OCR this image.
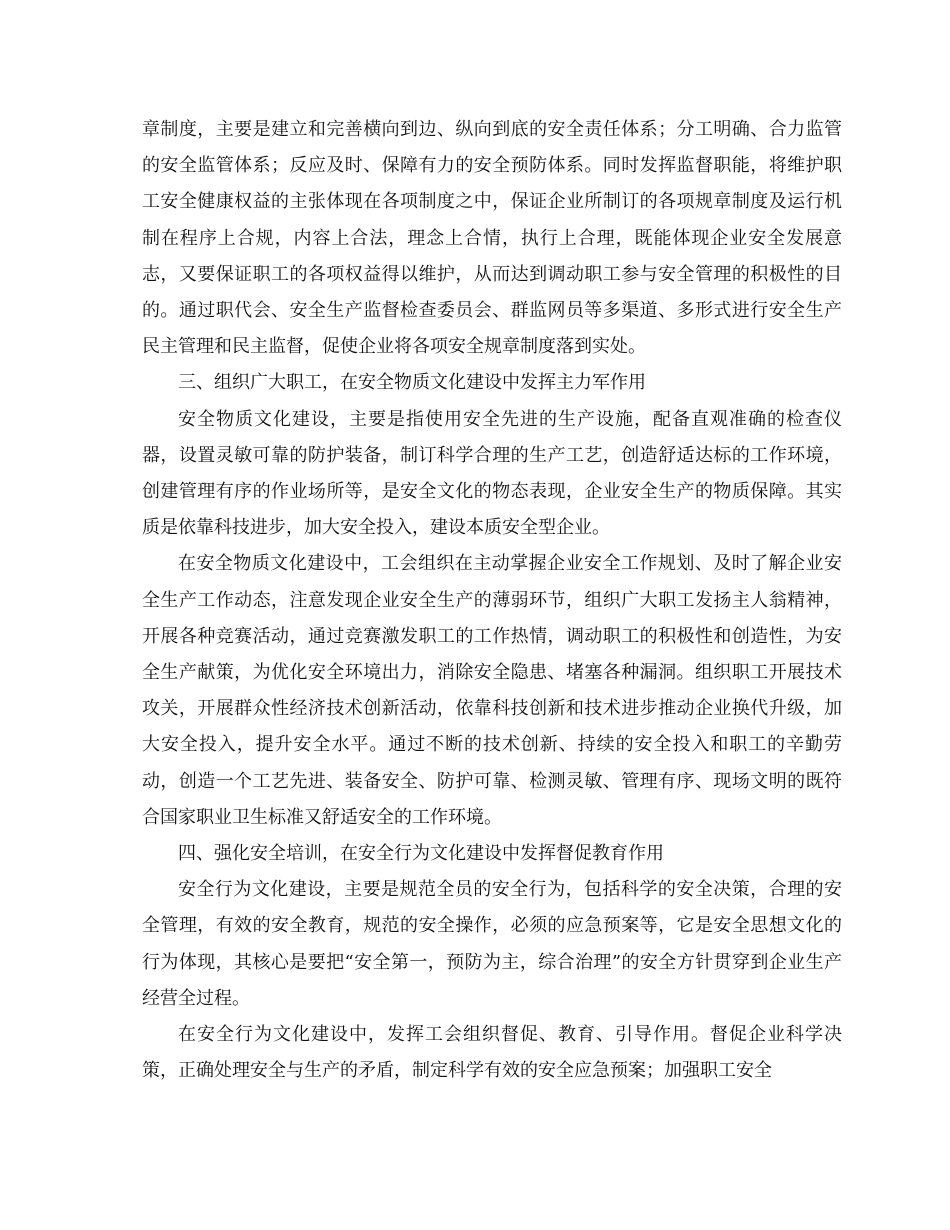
章制度，主要是建立和完善横向到边、纵向到底的安全责任体系；分工明确、合力监管的安全监管体系；反应及时、保障有力的安全预防体系。同时发挥监督职能，将维护职工安全健康权益的主张体现在各项制度之中，保证企业所制订的各项规章制度及运行机制在程序上合规，内容上合法，理念上合情，执行上合理，既能体现企业安全发展意志，又要保证职工的各项权益得以维护，从而达到调动职工参与安全管理的积极性的目的。通过职代会、安全生产监督检查委员会、群监网员等多渠道、多形式进行安全生产民主管理和民主监督，促使企业将各项安全规章制度落到实处。

三、组织广大职工，在安全物质文化建设中发挥主力军作用

安全物质文化建设，主要是指使用安全先进的生产设施，配备直观准确的检查仪器，设置灵敏可靠的防护装备，制订科学合理的生产工艺，创造舒适达标的工作环境，创建管理有序的作业场所等，是安全文化的物态表现，企业安全生产的物质保障。其实质是依靠科技进步，加大安全投入，建设本质安全型企业。

在安全物质文化建设中，工会组织在主动掌握企业安全工作规划、及时了解企业安全生产工作动态，注意发现企业安全生产的薄弱环节，组织广大职工发扬主人翁精神，开展各种竞赛活动，通过竞赛激发职工的工作热情，调动职工的积极性和创造性，为安全生产献策，为优化安全环境出力，消除安全隐患、堵塞各种漏洞。组织职工开展技术攻关，开展群众性经济技术创新活动，依靠科技创新和技术进步推动企业换代升级，加大安全投入，提升安全水平。通过不断的技术创新、持续的安全投入和职工的辛勤劳动，创造一个工艺先进、装备安全、防护可靠、检测灵敏、管理有序、现场文明的既符合国家职业卫生标准又舒适安全的工作环境。

四、强化安全培训，在安全行为文化建设中发挥督促教育作用

安全行为文化建设，主要是规范全员的安全行为，包括科学的安全决策，合理的安全管理，有效的安全教育，规范的安全操作，必须的应急预案等，它是安全思想文化的行为体现，其核心是要把“安全第一，预防为主，综合治理”的安全方针贯穿到企业生产经营全过程。

在安全行为文化建设中，发挥工会组织督促、教育、引导作用。督促企业科学决策，正确处理安全与生产的矛盾，制定科学有效的安全应急预案；加强职工安全
